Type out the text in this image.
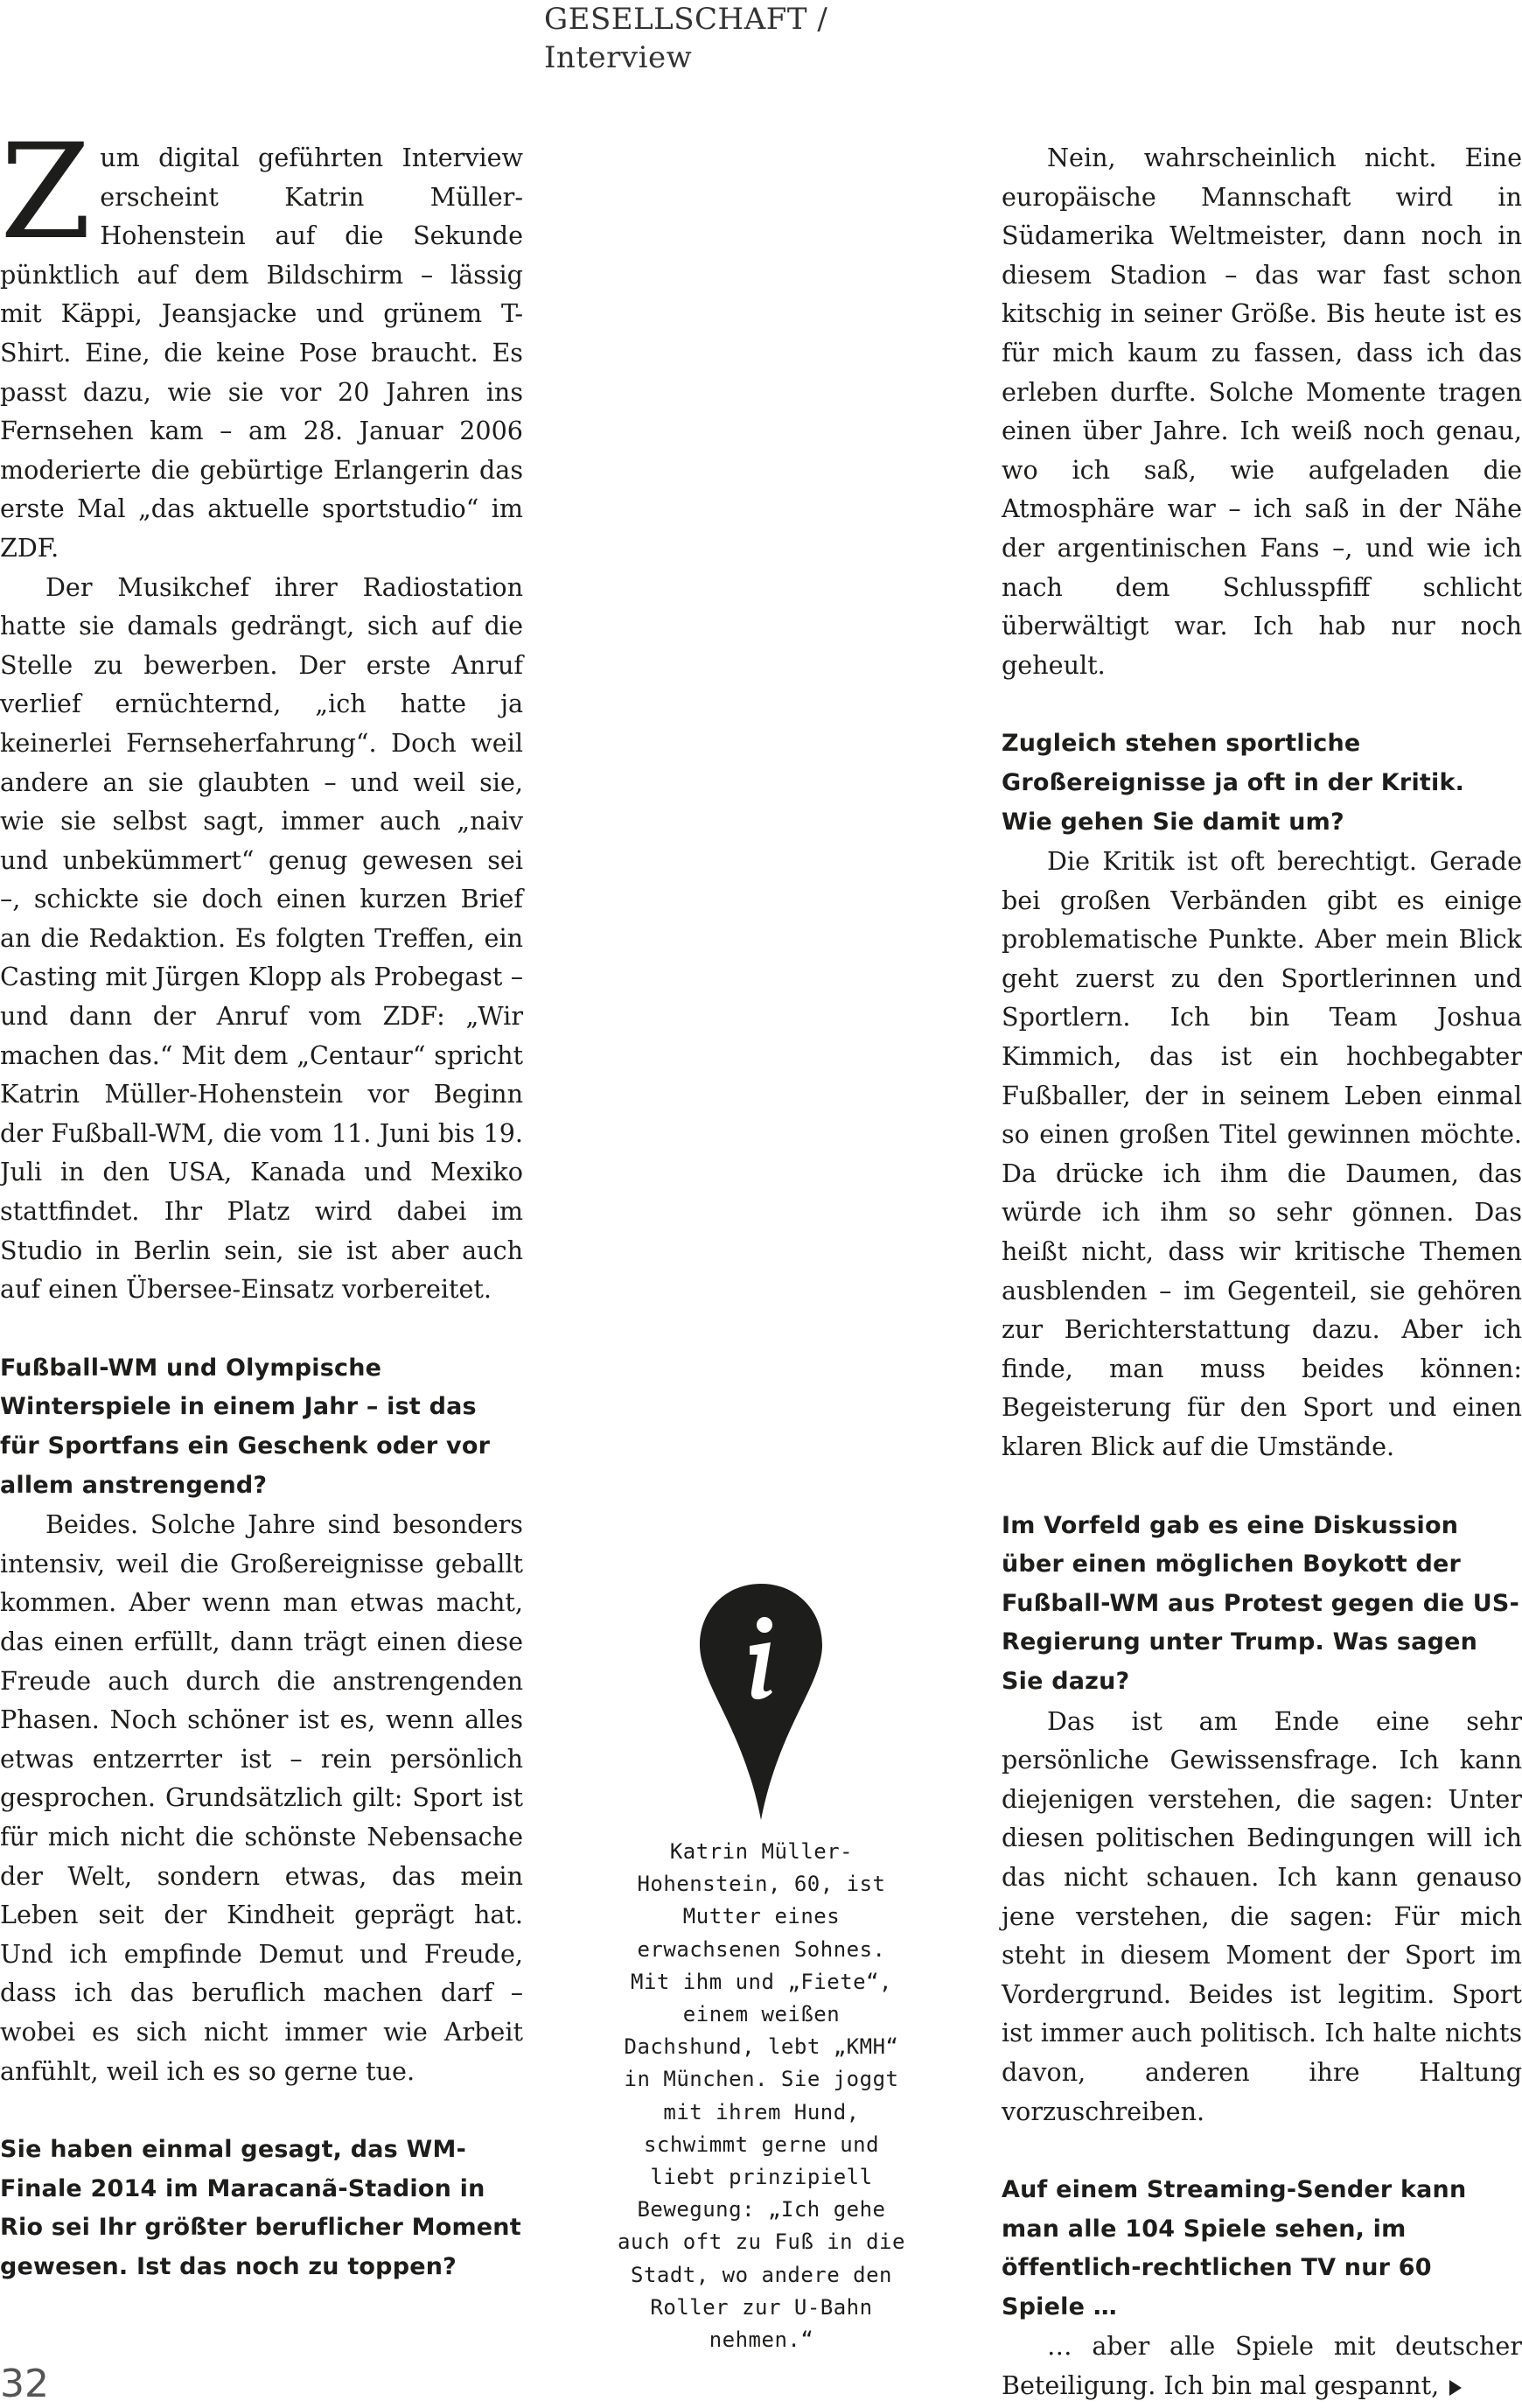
GESELLSCHAFT / Interview

Zum digital geführten Interview erscheint Katrin Müller-Hohenstein auf die Sekunde pünktlich auf dem Bildschirm – lässig mit Käppi, Jeansjacke und grünem T-Shirt. Eine, die keine Pose braucht. Es passt dazu, wie sie vor 20 Jahren ins Fernsehen kam – am 28. Januar 2006 moderierte die gebürtige Erlangerin das erste Mal „das aktuelle sportstudio“ im ZDF.

Der Musikchef ihrer Radiostation hatte sie damals gedrängt, sich auf die Stelle zu bewerben. Der erste Anruf verlief ernüchternd, „ich hatte ja keinerlei Fernseherfahrung“. Doch weil andere an sie glaubten – und weil sie, wie sie selbst sagt, immer auch „naiv und unbekümmert“ genug gewesen sei –, schickte sie doch einen kurzen Brief an die Redaktion. Es folgten Treffen, ein Casting mit Jürgen Klopp als Probegast – und dann der Anruf vom ZDF: „Wir machen das.“ Mit dem „Centaur“ spricht Katrin Müller-Hohenstein vor Beginn der Fußball-WM, die vom 11. Juni bis 19. Juli in den USA, Kanada und Mexiko stattfindet. Ihr Platz wird dabei im Studio in Berlin sein, sie ist aber auch auf einen Übersee-Einsatz vorbereitet.

Fußball-WM und Olympische Winterspiele in einem Jahr – ist das für Sportfans ein Geschenk oder vor allem anstrengend?

Beides. Solche Jahre sind besonders intensiv, weil die Großereignisse geballt kommen. Aber wenn man etwas macht, das einen erfüllt, dann trägt einen diese Freude auch durch die anstrengenden Phasen. Noch schöner ist es, wenn alles etwas entzerrter ist – rein persönlich gesprochen. Grundsätzlich gilt: Sport ist für mich nicht die schönste Nebensache der Welt, sondern etwas, das mein Leben seit der Kindheit geprägt hat. Und ich empfinde Demut und Freude, dass ich das beruflich machen darf – wobei es sich nicht immer wie Arbeit anfühlt, weil ich es so gerne tue.

Sie haben einmal gesagt, das WM-Finale 2014 im Maracanã-Stadion in Rio sei Ihr größter beruflicher Moment gewesen. Ist das noch zu toppen?
Katrin Müller-Hohenstein, 60, ist Mutter eines erwachsenen Sohnes. Mit ihm und „Fiete“, einem weißen Dachshund, lebt „KMH“ in München. Sie joggt mit ihrem Hund, schwimmt gerne und liebt prinzipiell Bewegung: „Ich gehe auch oft zu Fuß in die Stadt, wo andere den Roller zur U-Bahn nehmen.“

Nein, wahrscheinlich nicht. Eine europäische Mannschaft wird in Südamerika Weltmeister, dann noch in diesem Stadion – das war fast schon kitschig in seiner Größe. Bis heute ist es für mich kaum zu fassen, dass ich das erleben durfte. Solche Momente tragen einen über Jahre. Ich weiß noch genau, wo ich saß, wie aufgeladen die Atmosphäre war – ich saß in der Nähe der argentinischen Fans –, und wie ich nach dem Schlusspfiff schlicht überwältigt war. Ich hab nur noch geheult.

Zugleich stehen sportliche Großereignisse ja oft in der Kritik. Wie gehen Sie damit um?

Die Kritik ist oft berechtigt. Gerade bei großen Verbänden gibt es einige problematische Punkte. Aber mein Blick geht zuerst zu den Sportlerinnen und Sportlern. Ich bin Team Joshua Kimmich, das ist ein hochbegabter Fußballer, der in seinem Leben einmal so einen großen Titel gewinnen möchte. Da drücke ich ihm die Daumen, das würde ich ihm so sehr gönnen. Das heißt nicht, dass wir kritische Themen ausblenden – im Gegenteil, sie gehören zur Berichterstattung dazu. Aber ich finde, man muss beides können: Begeisterung für den Sport und einen klaren Blick auf die Umstände.

Im Vorfeld gab es eine Diskussion über einen möglichen Boykott der Fußball-WM aus Protest gegen die US-Regierung unter Trump. Was sagen Sie dazu?

Das ist am Ende eine sehr persönliche Gewissensfrage. Ich kann diejenigen verstehen, die sagen: Unter diesen politischen Bedingungen will ich das nicht schauen. Ich kann genauso jene verstehen, die sagen: Für mich steht in diesem Moment der Sport im Vordergrund. Beides ist legitim. Sport ist immer auch politisch. Ich halte nichts davon, anderen ihre Haltung vorzuschreiben.

Auf einem Streaming-Sender kann man alle 104 Spiele sehen, im öffentlich-rechtlichen TV nur 60 Spiele …

… aber alle Spiele mit deutscher Beteiligung. Ich bin mal gespannt,

32
